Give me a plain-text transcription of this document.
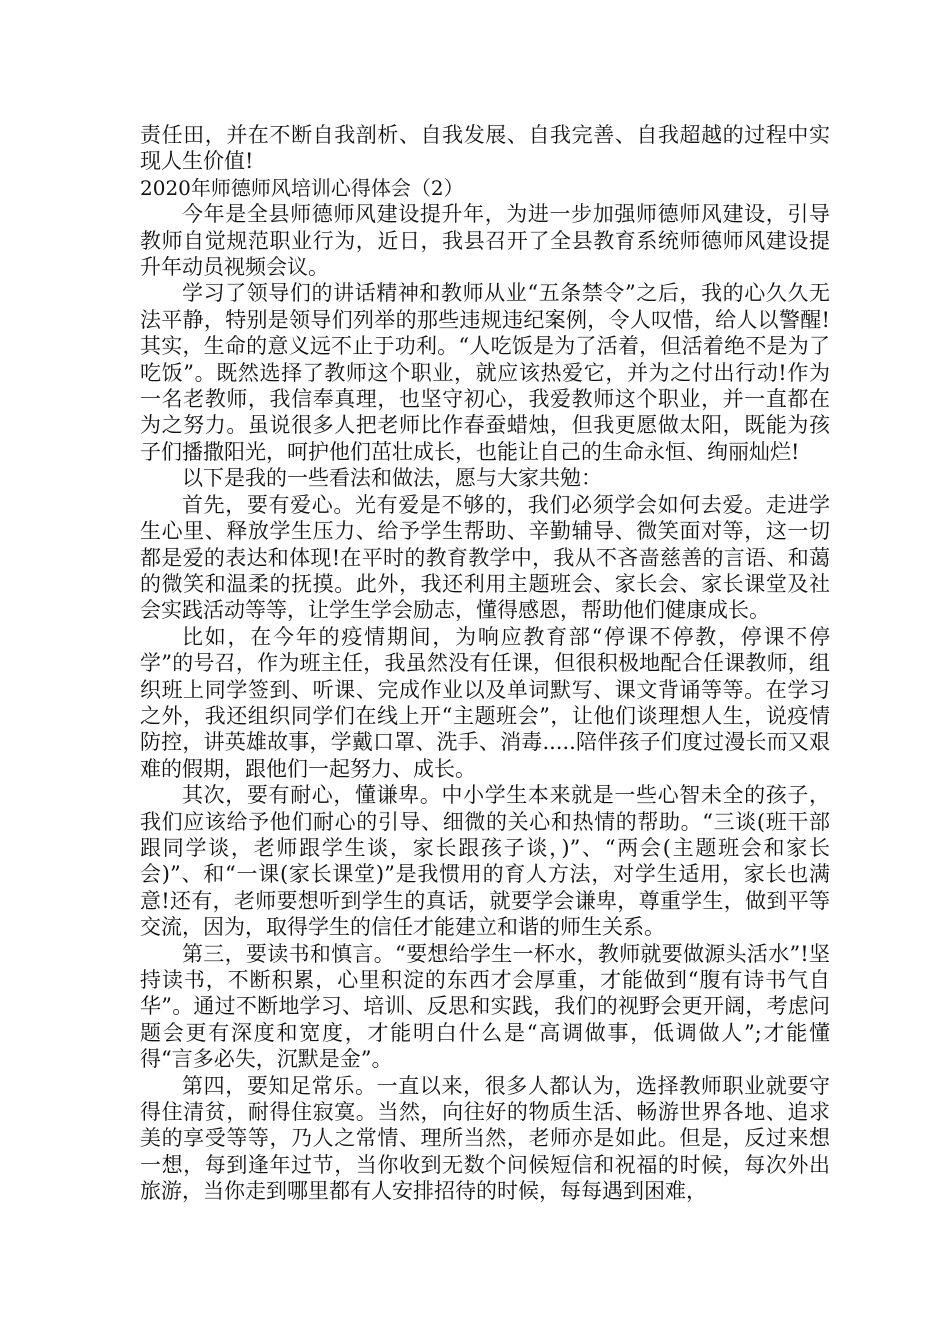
责任田，并在不断自我剖析、自我发展、自我完善、自我超越的过程中实现人生价值!

2020年师德师风培训心得体会（2）

今年是全县师德师风建设提升年，为进一步加强师德师风建设，引导教师自觉规范职业行为，近日，我县召开了全县教育系统师德师风建设提升年动员视频会议。

学习了领导们的讲话精神和教师从业“五条禁令”之后，我的心久久无法平静，特别是领导们列举的那些违规违纪案例，令人叹惜，给人以警醒!其实，生命的意义远不止于功利。“人吃饭是为了活着，但活着绝不是为了吃饭”。既然选择了教师这个职业，就应该热爱它，并为之付出行动!作为一名老教师，我信奉真理，也坚守初心，我爱教师这个职业，并一直都在为之努力。虽说很多人把老师比作春蚕蜡烛，但我更愿做太阳，既能为孩子们播撒阳光，呵护他们茁壮成长，也能让自己的生命永恒、绚丽灿烂!

以下是我的一些看法和做法，愿与大家共勉：

首先，要有爱心。光有爱是不够的，我们必须学会如何去爱。走进学生心里、释放学生压力、给予学生帮助、辛勤辅导、微笑面对等，这一切都是爱的表达和体现!在平时的教育教学中，我从不吝啬慈善的言语、和蔼的微笑和温柔的抚摸。此外，我还利用主题班会、家长会、家长课堂及社会实践活动等等，让学生学会励志，懂得感恩，帮助他们健康成长。

比如，在今年的疫情期间，为响应教育部“停课不停教，停课不停学”的号召，作为班主任，我虽然没有任课，但很积极地配合任课教师，组织班上同学签到、听课、完成作业以及单词默写、课文背诵等等。在学习之外，我还组织同学们在线上开“主题班会”，让他们谈理想人生，说疫情防控，讲英雄故事，学戴口罩、洗手、消毒.....陪伴孩子们度过漫长而又艰难的假期，跟他们一起努力、成长。

其次，要有耐心，懂谦卑。中小学生本来就是一些心智未全的孩子，我们应该给予他们耐心的引导、细微的关心和热情的帮助。“三谈(班干部跟同学谈，老师跟学生谈，家长跟孩子谈，)”、“两会(主题班会和家长会)”、和“一课(家长课堂)”是我惯用的育人方法，对学生适用，家长也满意!还有，老师要想听到学生的真话，就要学会谦卑，尊重学生，做到平等交流，因为，取得学生的信任才能建立和谐的师生关系。

第三，要读书和慎言。“要想给学生一杯水，教师就要做源头活水”!坚持读书，不断积累，心里积淀的东西才会厚重，才能做到“腹有诗书气自华”。通过不断地学习、培训、反思和实践，我们的视野会更开阔，考虑问题会更有深度和宽度，才能明白什么是“高调做事，低调做人”;才能懂得“言多必失，沉默是金”。

第四，要知足常乐。一直以来，很多人都认为，选择教师职业就要守得住清贫，耐得住寂寞。当然，向往好的物质生活、畅游世界各地、追求美的享受等等，乃人之常情、理所当然，老师亦是如此。但是，反过来想一想，每到逢年过节，当你收到无数个问候短信和祝福的时候，每次外出旅游，当你走到哪里都有人安排招待的时候，每每遇到困难，
